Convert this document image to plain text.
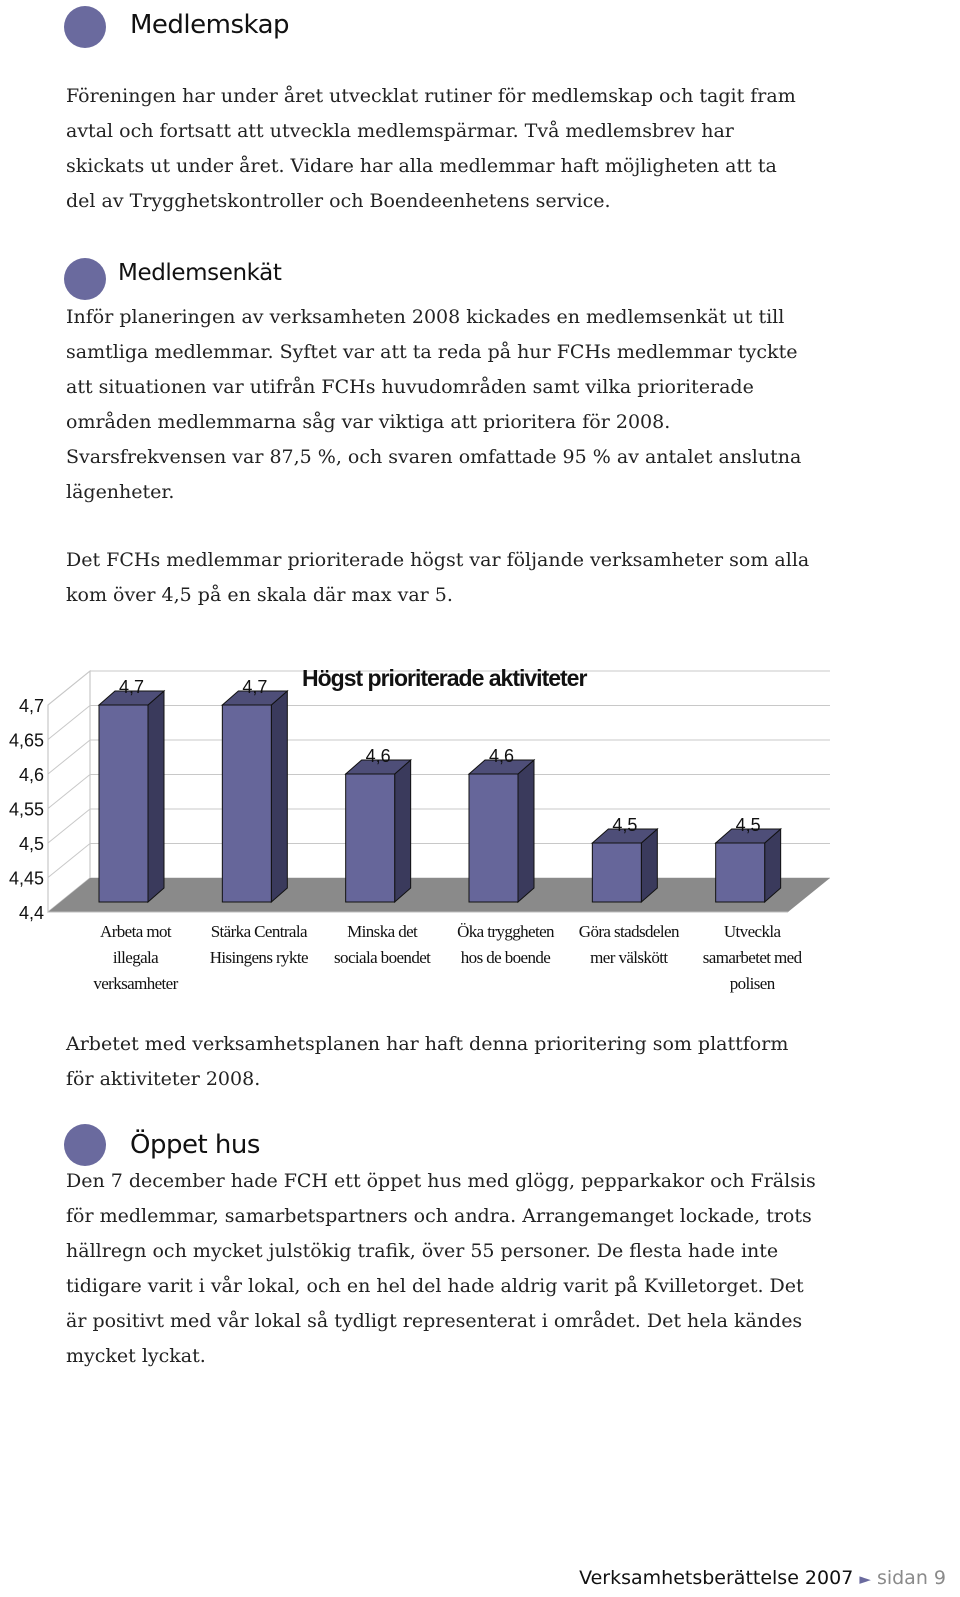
Medlemskap
Föreningen har under året utvecklat rutiner för medlemskap och tagit fram
avtal och fortsatt att utveckla medlemspärmar. Två medlemsbrev har
skickats ut under året. Vidare har alla medlemmar haft möjligheten att ta
del av Trygghetskontroller och Boendeenhetens service.
Medlemsenkät
Inför planeringen av verksamheten 2008 kickades en medlemsenkät ut till
samtliga medlemmar. Syftet var att ta reda på hur FCHs medlemmar tyckte
att situationen var utifrån FCHs huvudområden samt vilka prioriterade
områden medlemmarna såg var viktiga att prioritera för 2008.
Svarsfrekvensen var 87,5 %, och svaren omfattade 95 % av antalet anslutna
lägenheter.
Det FCHs medlemmar prioriterade högst var följande verksamheter som alla
kom över 4,5 på en skala där max var 5.
4,4
4,45
4,5
4,55
4,6
4,65
4,7
4,7	4,7
4,6	4,6
4,5	4,5
Arbeta mot
illegala
verksamheter
Stärka Centrala
Hisingens rykte
Minska det
sociala boendet
Öka tryggheten
hos de boende
Göra stadsdelen
mer välskött
Utveckla
samarbetet med
polisen
Högst prioriterade aktiviteter
Arbetet med verksamhetsplanen har haft denna prioritering som plattform
för aktiviteter 2008.
Öppet hus
Den 7 december hade FCH ett öppet hus med glögg, pepparkakor och Frälsis
för medlemmar, samarbetspartners och andra. Arrangemanget lockade, trots
hällregn och mycket julstökig trafik, över 55 personer. De flesta hade inte
tidigare varit i vår lokal, och en hel del hade aldrig varit på Kvilletorget. Det
är positivt med vår lokal så tydligt representerat i området. Det hela kändes
mycket lyckat.
Verksamhetsberättelse 2007 ► sidan 9
